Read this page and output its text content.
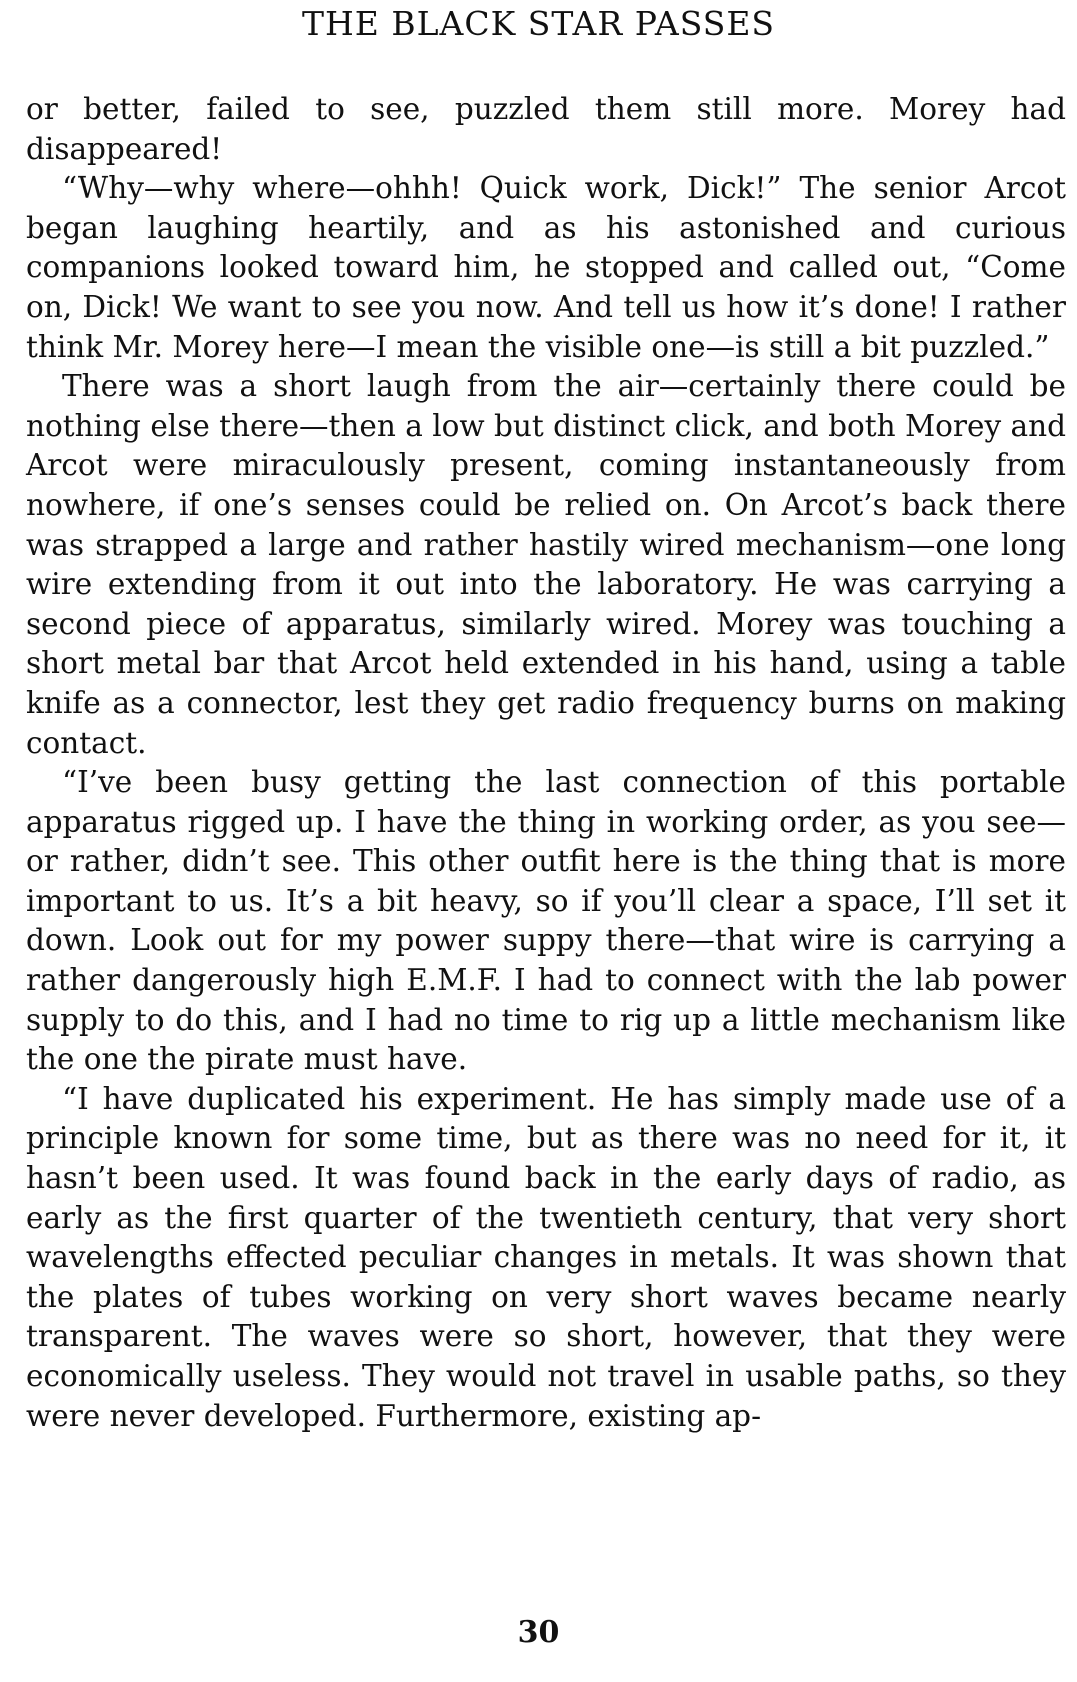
THE BLACK STAR PASSES

or better, failed to see, puzzled them still more. Morey had disappeared!

“Why—why where—ohhh! Quick work, Dick!” The senior Arcot began laughing heartily, and as his astonished and curious companions looked toward him, he stopped and called out, “Come on, Dick! We want to see you now. And tell us how it’s done! I rather think Mr. Morey here—I mean the visible one—is still a bit puzzled.”

There was a short laugh from the air—certainly there could be nothing else there—then a low but distinct click, and both Morey and Arcot were miraculously present, coming instantaneously from nowhere, if one’s senses could be relied on. On Arcot’s back there was strapped a large and rather hastily wired mechanism—one long wire extending from it out into the laboratory. He was carrying a second piece of apparatus, similarly wired. Morey was touching a short metal bar that Arcot held extended in his hand, using a table knife as a connector, lest they get radio frequency burns on making contact.

“I’ve been busy getting the last connection of this portable apparatus rigged up. I have the thing in working order, as you see—or rather, didn’t see. This other outfit here is the thing that is more important to us. It’s a bit heavy, so if you’ll clear a space, I’ll set it down. Look out for my power suppy there—that wire is carrying a rather dangerously high E.M.F. I had to connect with the lab power supply to do this, and I had no time to rig up a little mechanism like the one the pirate must have.

“I have duplicated his experiment. He has simply made use of a principle known for some time, but as there was no need for it, it hasn’t been used. It was found back in the early days of radio, as early as the first quarter of the twentieth century, that very short wavelengths effected peculiar changes in metals. It was shown that the plates of tubes working on very short waves became nearly transparent. The waves were so short, however, that they were economically useless. They would not travel in usable paths, so they were never developed. Furthermore, existing ap-

30
